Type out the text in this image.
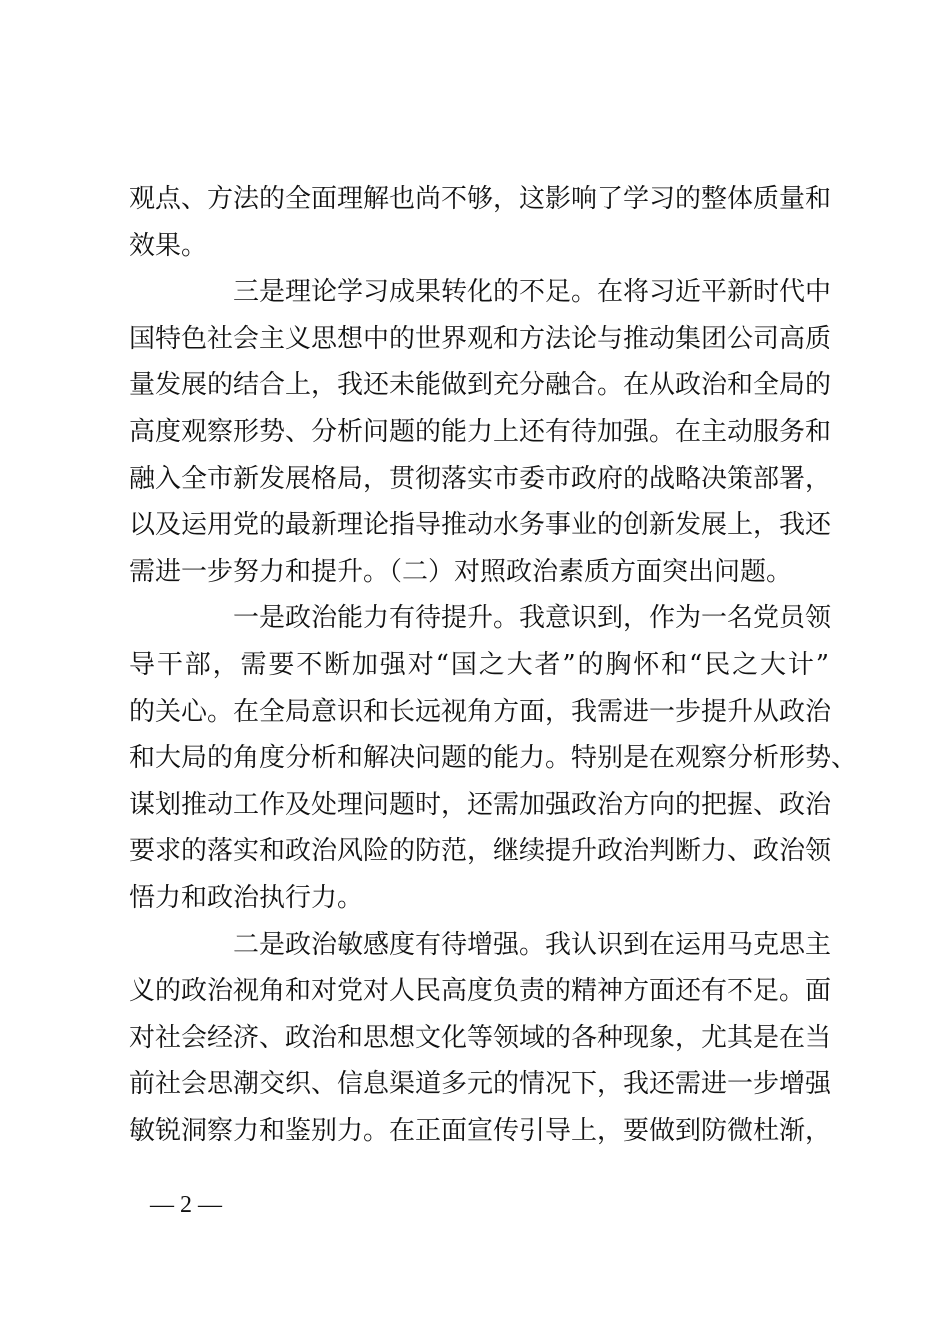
观点、方法的全面理解也尚不够，这影响了学习的整体质量和
效果。
三是理论学习成果转化的不足。在将习近平新时代中
国特色社会主义思想中的世界观和方法论与推动集团公司高质
量发展的结合上，我还未能做到充分融合。在从政治和全局的
高度观察形势、分析问题的能力上还有待加强。在主动服务和
融入全市新发展格局，贯彻落实市委市政府的战略决策部署，
以及运用党的最新理论指导推动水务事业的创新发展上，我还
需进一步努力和提升。（二）对照政治素质方面突出问题。
一是政治能力有待提升。我意识到，作为一名党员领
导干部，需要不断加强对“国之大者”的胸怀和“民之大计”
的关心。在全局意识和长远视角方面，我需进一步提升从政治
和大局的角度分析和解决问题的能力。特别是在观察分析形势、
谋划推动工作及处理问题时，还需加强政治方向的把握、政治
要求的落实和政治风险的防范，继续提升政治判断力、政治领
悟力和政治执行力。
二是政治敏感度有待增强。我认识到在运用马克思主
义的政治视角和对党对人民高度负责的精神方面还有不足。面
对社会经济、政治和思想文化等领域的各种现象，尤其是在当
前社会思潮交织、信息渠道多元的情况下，我还需进一步增强
敏锐洞察力和鉴别力。在正面宣传引导上，要做到防微杜渐，
— 2 —
